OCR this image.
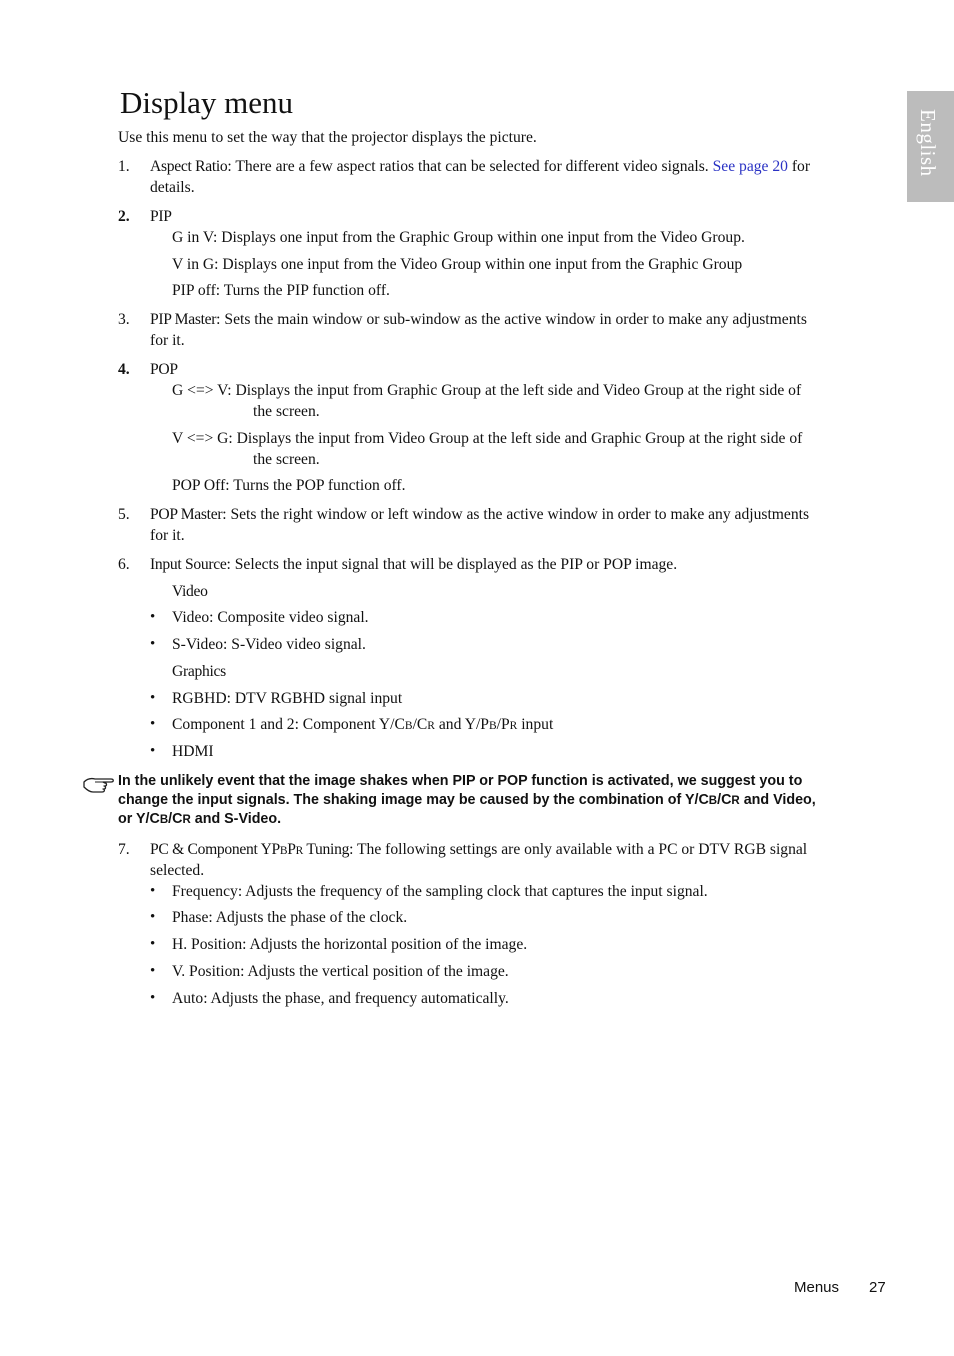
English
Display menu
Use this menu to set the way that the projector displays the picture.
1. Aspect Ratio: There are a few aspect ratios that can be selected for different video signals. See page 20 for
details.
2. PIP
G in V: Displays one input from the Graphic Group within one input from the Video Group.
V in G: Displays one input from the Video Group within one input from the Graphic Group
PIP off: Turns the PIP function off.
3. PIP Master: Sets the main window or sub-window as the active window in order to make any adjustments
for it.
4. POP
G <=> V: Displays the input from Graphic Group at the left side and Video Group at the right side of
the screen.
V <=> G: Displays the input from Video Group at the left side and Graphic Group at the right side of
the screen.
POP Off: Turns the POP function off.
5. POP Master: Sets the right window or left window as the active window in order to make any adjustments
for it.
6. Input Source: Selects the input signal that will be displayed as the PIP or POP image.
Video
• Video: Composite video signal.
• S-Video: S-Video video signal.
Graphics
• RGBHD: DTV RGBHD signal input
• Component 1 and 2: Component Y/CB/CR and Y/PB/PR input
• HDMI
In the unlikely event that the image shakes when PIP or POP function is activated, we suggest you to
change the input signals. The shaking image may be caused by the combination of Y/CB/CR and Video,
or Y/CB/CR and S-Video.
7. PC & Component YPBPR Tuning: The following settings are only available with a PC or DTV RGB signal
selected.
• Frequency: Adjusts the frequency of the sampling clock that captures the input signal.
• Phase: Adjusts the phase of the clock.
• H. Position: Adjusts the horizontal position of the image.
• V. Position: Adjusts the vertical position of the image.
• Auto: Adjusts the phase, and frequency automatically.
Menus 27
